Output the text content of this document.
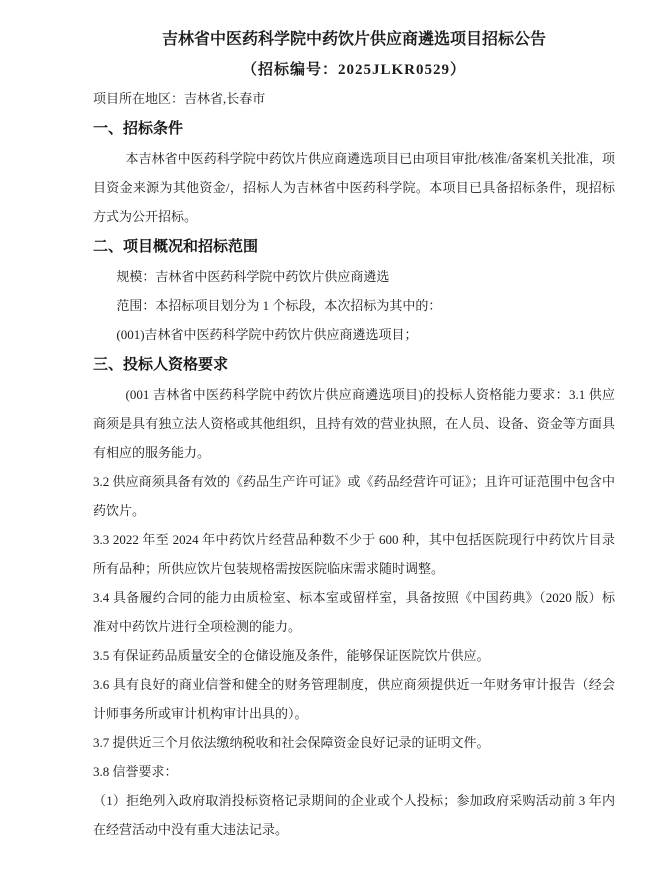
吉林省中医药科学院中药饮片供应商遴选项目招标公告

（招标编号：2025JLKR0529）

项目所在地区：吉林省,长春市

一、招标条件

本吉林省中医药科学院中药饮片供应商遴选项目已由项目审批/核准/备案机关批准，项目资金来源为其他资金/，招标人为吉林省中医药科学院。本项目已具备招标条件，现招标方式为公开招标。

二、项目概况和招标范围

规模：吉林省中医药科学院中药饮片供应商遴选

范围：本招标项目划分为 1 个标段，本次招标为其中的：

(001)吉林省中医药科学院中药饮片供应商遴选项目；

三、投标人资格要求

(001 吉林省中医药科学院中药饮片供应商遴选项目)的投标人资格能力要求：3.1 供应商须是具有独立法人资格或其他组织，且持有效的营业执照，在人员、设备、资金等方面具有相应的服务能力。

3.2 供应商须具备有效的《药品生产许可证》或《药品经营许可证》；且许可证范围中包含中药饮片。

3.3 2022 年至 2024 年中药饮片经营品种数不少于 600 种，其中包括医院现行中药饮片目录所有品种；所供应饮片包装规格需按医院临床需求随时调整。

3.4 具备履约合同的能力由质检室、标本室或留样室，具备按照《中国药典》（2020 版）标准对中药饮片进行全项检测的能力。

3.5 有保证药品质量安全的仓储设施及条件，能够保证医院饮片供应。

3.6 具有良好的商业信誉和健全的财务管理制度，供应商须提供近一年财务审计报告（经会计师事务所或审计机构审计出具的）。

3.7 提供近三个月依法缴纳税收和社会保障资金良好记录的证明文件。

3.8 信誉要求：

（1）拒绝列入政府取消投标资格记录期间的企业或个人投标；参加政府采购活动前 3 年内在经营活动中没有重大违法记录。
